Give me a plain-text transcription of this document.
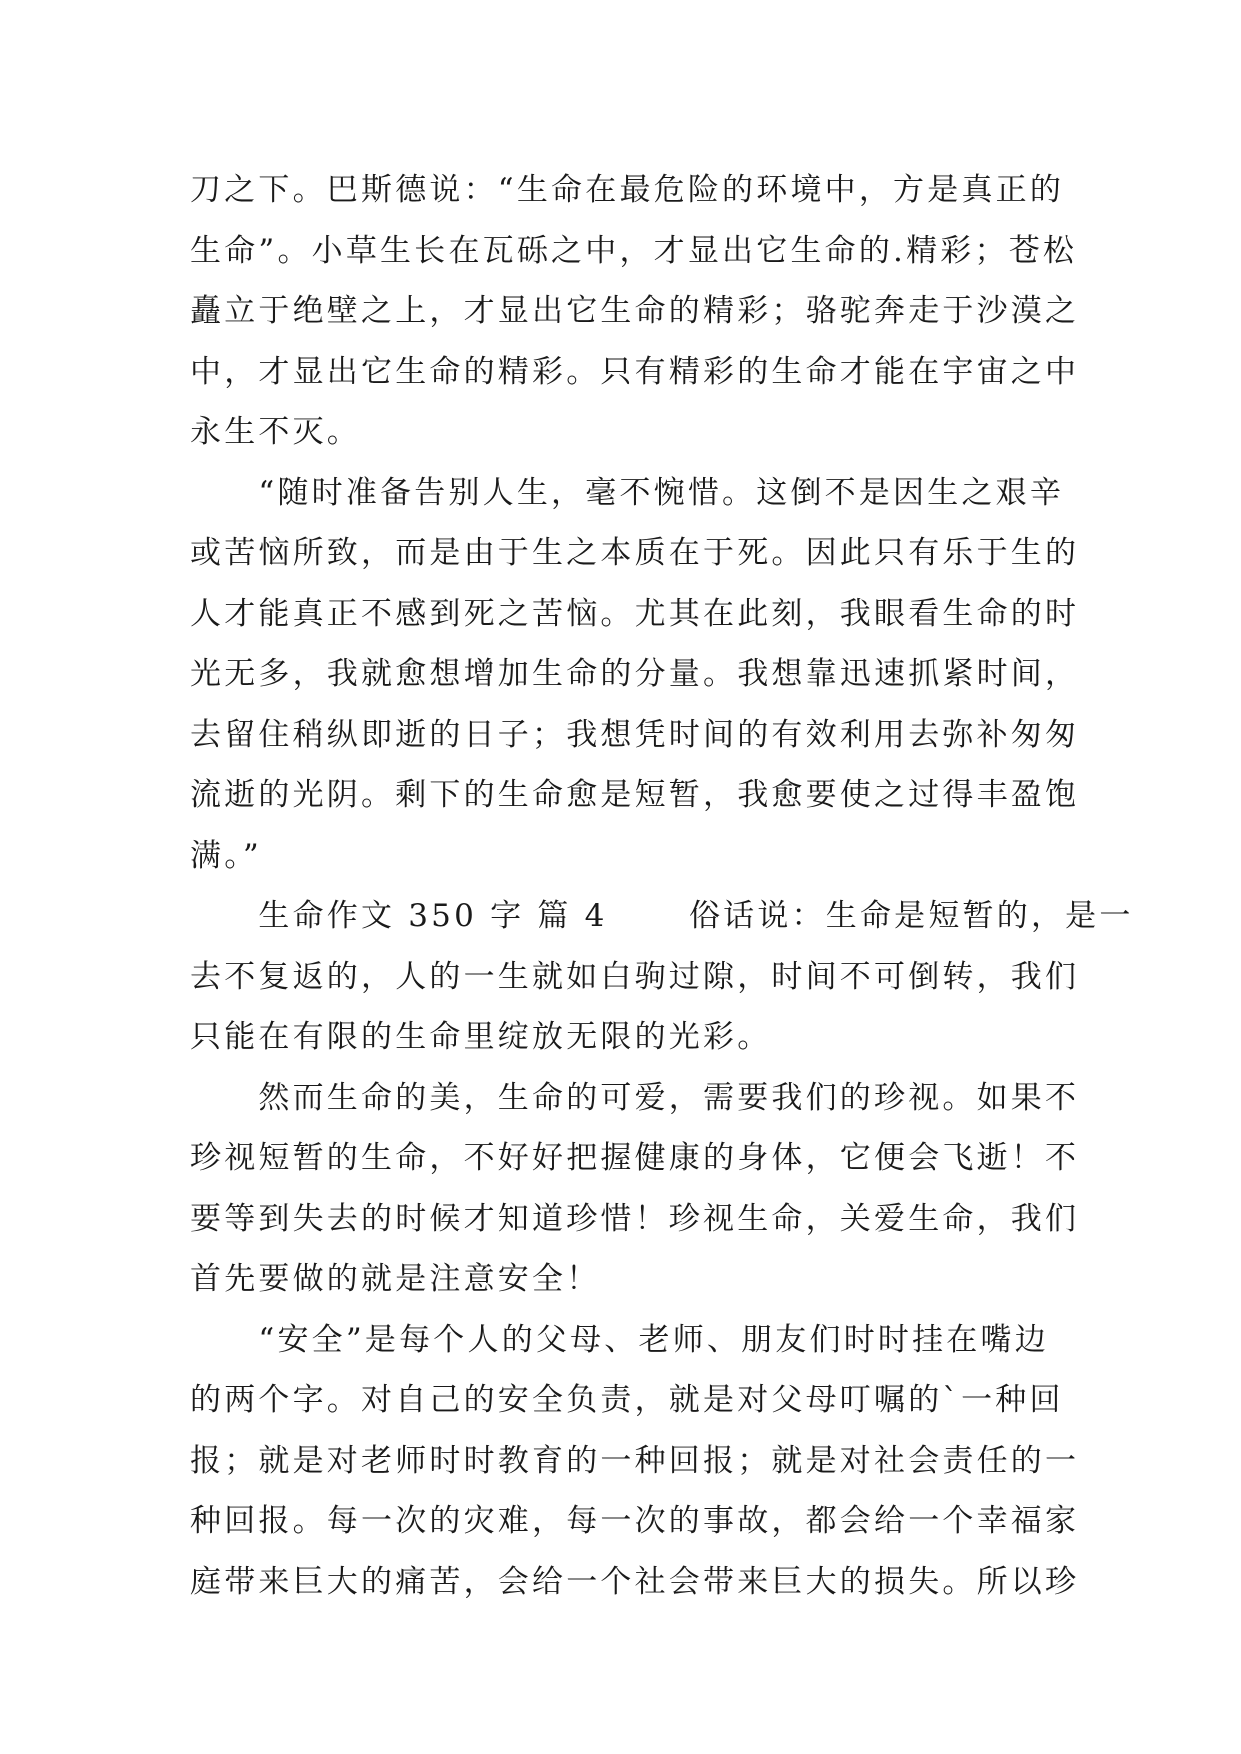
刀之下。巴斯德说：“生命在最危险的环境中，方是真正的
生命”。小草生长在瓦砾之中，才显出它生命的.精彩；苍松
矗立于绝壁之上，才显出它生命的精彩；骆驼奔走于沙漠之
中，才显出它生命的精彩。只有精彩的生命才能在宇宙之中
永生不灭。
　　“随时准备告别人生，毫不惋惜。这倒不是因生之艰辛
或苦恼所致，而是由于生之本质在于死。因此只有乐于生的
人才能真正不感到死之苦恼。尤其在此刻，我眼看生命的时
光无多，我就愈想增加生命的分量。我想靠迅速抓紧时间，
去留住稍纵即逝的日子；我想凭时间的有效利用去弥补匆匆
流逝的光阴。剩下的生命愈是短暂，我愈要使之过得丰盈饱
满。”
　　生命作文 350 字 篇 4　　 俗话说：生命是短暂的，是一
去不复返的，人的一生就如白驹过隙，时间不可倒转，我们
只能在有限的生命里绽放无限的光彩。
　　然而生命的美，生命的可爱，需要我们的珍视。如果不
珍视短暂的生命，不好好把握健康的身体，它便会飞逝！不
要等到失去的时候才知道珍惜！珍视生命，关爱生命，我们
首先要做的就是注意安全！
　　“安全”是每个人的父母、老师、朋友们时时挂在嘴边
的两个字。对自己的安全负责，就是对父母叮嘱的`一种回
报；就是对老师时时教育的一种回报；就是对社会责任的一
种回报。每一次的灾难，每一次的事故，都会给一个幸福家
庭带来巨大的痛苦，会给一个社会带来巨大的损失。所以珍
